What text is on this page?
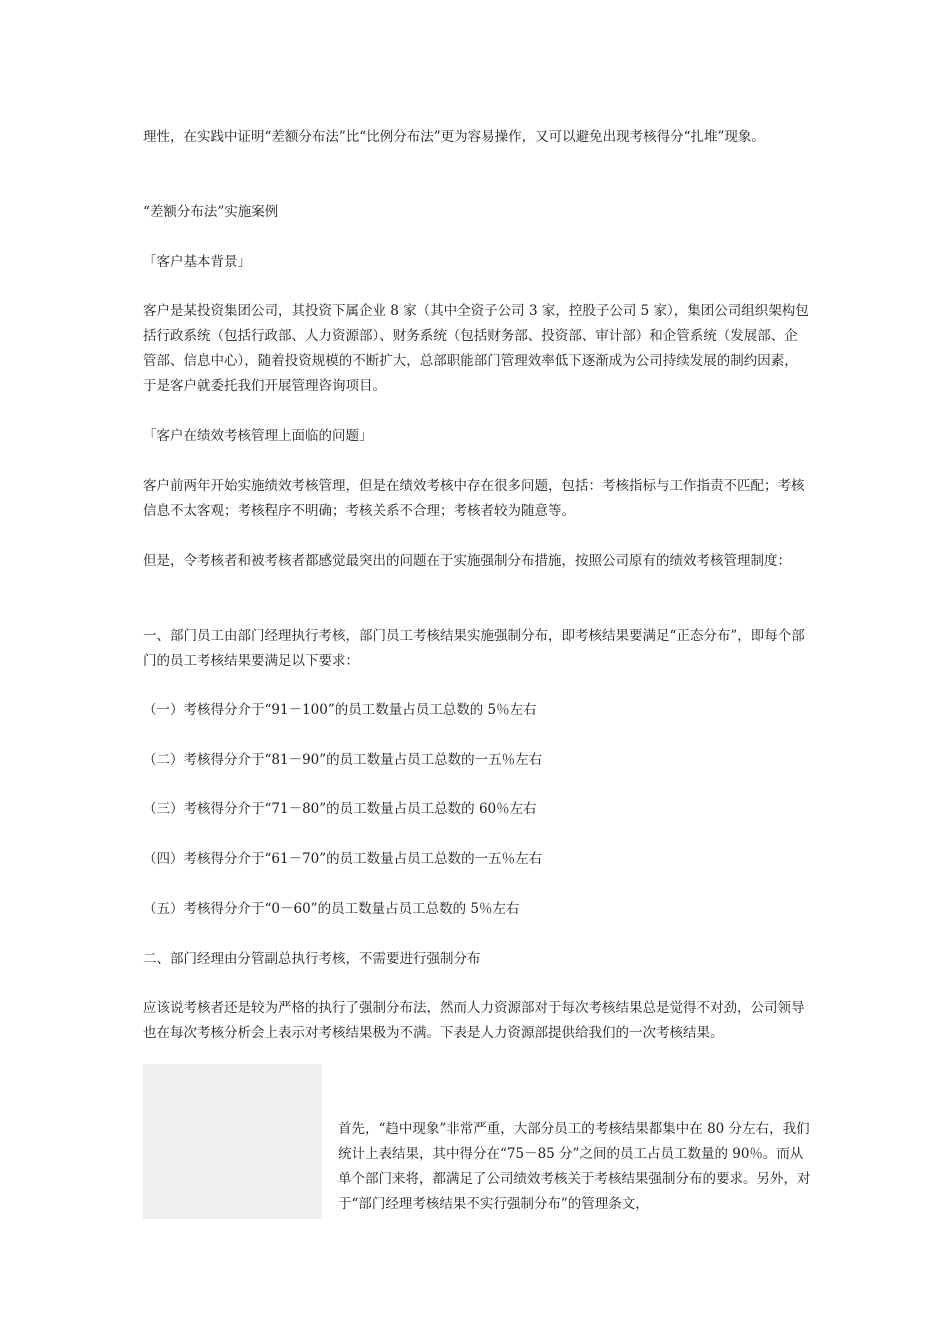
理性，在实践中证明“差额分布法”比“比例分布法”更为容易操作，又可以避免出现考核得分“扎堆”现象。

“差额分布法”实施案例

「客户基本背景」

客户是某投资集团公司，其投资下属企业 8 家（其中全资子公司 3 家，控股子公司 5 家），集团公司组织架构包括行政系统（包括行政部、人力资源部）、财务系统（包括财务部、投资部、审计部）和企管系统（发展部、企管部、信息中心），随着投资规模的不断扩大，总部职能部门管理效率低下逐渐成为公司持续发展的制约因素，于是客户就委托我们开展管理咨询项目。

「客户在绩效考核管理上面临的问题」

客户前两年开始实施绩效考核管理，但是在绩效考核中存在很多问题，包括：考核指标与工作指责不匹配；考核信息不太客观；考核程序不明确；考核关系不合理；考核者较为随意等。

但是，令考核者和被考核者都感觉最突出的问题在于实施强制分布措施，按照公司原有的绩效考核管理制度：

一、部门员工由部门经理执行考核，部门员工考核结果实施强制分布，即考核结果要满足“正态分布”，即每个部门的员工考核结果要满足以下要求：

（一）考核得分介于“91－100”的员工数量占员工总数的 5％左右

（二）考核得分介于“81－90”的员工数量占员工总数的一五％左右

（三）考核得分介于“71－80”的员工数量占员工总数的 60％左右

（四）考核得分介于“61－70”的员工数量占员工总数的一五％左右

（五）考核得分介于“0－60”的员工数量占员工总数的 5％左右

二、部门经理由分管副总执行考核，不需要进行强制分布

应该说考核者还是较为严格的执行了强制分布法，然而人力资源部对于每次考核结果总是觉得不对劲，公司领导也在每次考核分析会上表示对考核结果极为不满。下表是人力资源部提供给我们的一次考核结果。

首先，“趋中现象”非常严重，大部分员工的考核结果都集中在 80 分左右，我们统计上表结果，其中得分在“75－85 分”之间的员工占员工数量的 90％。而从单个部门来将，都满足了公司绩效考核关于考核结果强制分布的要求。另外，对于“部门经理考核结果不实行强制分布”的管理条文，
